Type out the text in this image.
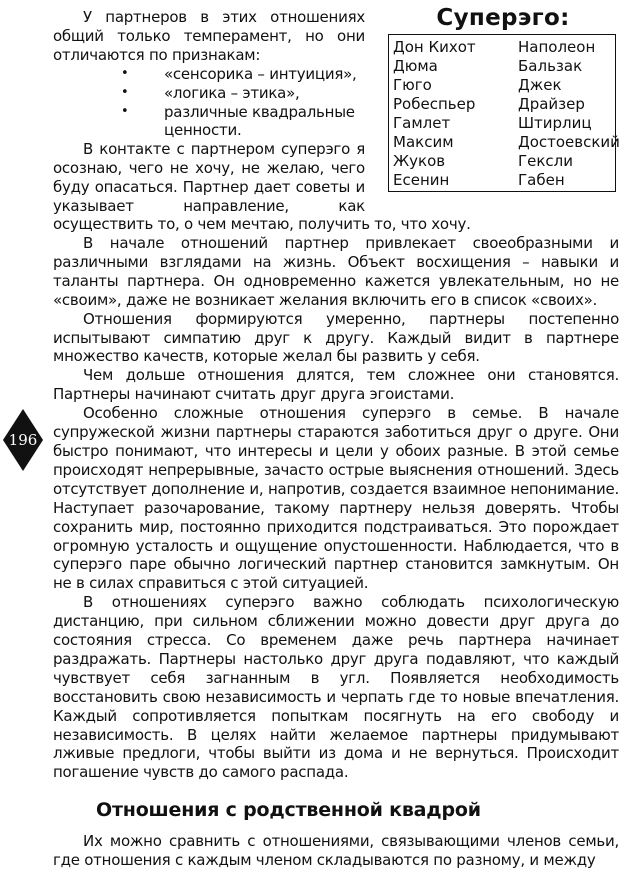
У партнеров в этих отношениях общий только темперамент, но они отличаются по признакам:

• «сенсорика – интуиция»,
• «логика – этика»,
• различные квадральные ценности.

В контакте с партнером суперэго я осознаю, чего не хочу, не желаю, чего буду опасаться. Партнер дает советы и указывает направление, как

осуществить то, о чем мечтаю, получить то, что хочу.

Суперэго:
Дон Кихот
Дюма
Гюго
Робеспьер
Гамлет
Максим
Жуков
Есенин
Наполеон
Бальзак
Джек
Драйзер
Штирлиц
Достоевский
Гексли
Габен

В начале отношений партнер привлекает своеобразными и различными взглядами на жизнь. Объект восхищения – навыки и таланты партнера. Он одновременно кажется увлекательным, но не «своим», даже не возникает желания включить его в список «своих».

Отношения формируются умеренно, партнеры постепенно испытывают симпатию друг к другу. Каждый видит в партнере множество качеств, которые желал бы развить у себя.

Чем дольше отношения длятся, тем сложнее они становятся. Партнеры начинают считать друг друга эгоистами.

Особенно сложные отношения суперэго в семье. В начале супружеской жизни партнеры стараются заботиться друг о друге. Они быстро понимают, что интересы и цели у обоих разные. В этой семье происходят непрерывные, зачасто острые выяснения отношений. Здесь отсутствует дополнение и, напротив, создается взаимное непонимание. Наступает разочарование, такому партнеру нельзя доверять. Чтобы сохранить мир, постоянно приходится подстраиваться. Это порождает огромную усталость и ощущение опустошенности. Наблюдается, что в суперэго паре обычно логический партнер становится замкнутым. Он не в силах справиться с этой ситуацией.

В отношениях суперэго важно соблюдать психологическую дистанцию, при сильном сближении можно довести друг друга до состояния стресса. Со временем даже речь партнера начинает раздражать. Партнеры настолько друг друга подавляют, что каждый чувствует себя загнанным в угл. Появляется необходимость восстановить свою независимость и черпать где то новые впечатления. Каждый сопротивляется попыткам посягнуть на его свободу и независимость. В целях найти желаемое партнеры придумывают лживые предлоги, чтобы выйти из дома и не вернуться. Происходит погашение чувств до самого распада.

196
Отношения с родственной квадрой

Их можно сравнить с отношениями, связывающими членов семьи, где отношения с каждым членом складываются по разному, и между
